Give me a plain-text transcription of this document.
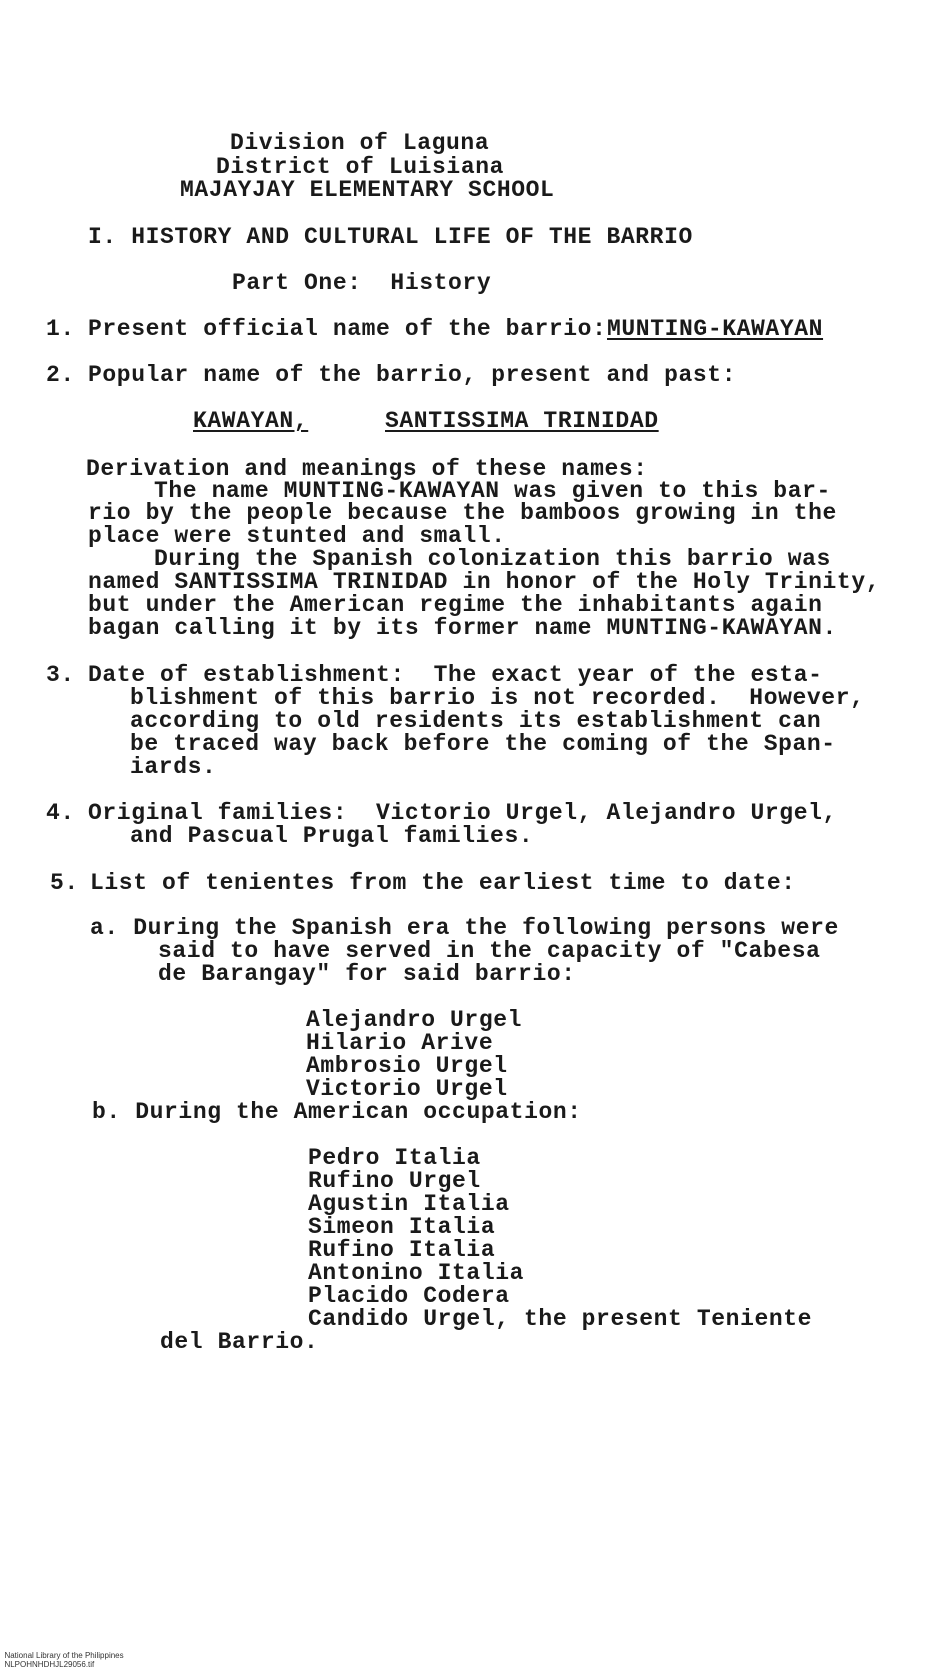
Division of Laguna
District of Luisiana
MAJAYJAY ELEMENTARY SCHOOL
I. HISTORY AND CULTURAL LIFE OF THE BARRIO
Part One:  History
1. Present official name of the barrio: MUNTING-KAWAYAN
2. Popular name of the barrio, present and past:
KAWAYAN,	SANTISSIMA TRINIDAD
Derivation and meanings of these names:
The name MUNTING-KAWAYAN was given to this bar-
rio by the people because the bamboos growing in the
place were stunted and small.
During the Spanish colonization this barrio was
named SANTISSIMA TRINIDAD in honor of the Holy Trinity,
but under the American regime the inhabitants again
bagan calling it by its former name MUNTING-KAWAYAN.
3. Date of establishment:  The exact year of the esta-
blishment of this barrio is not recorded.  However,
according to old residents its establishment can
be traced way back before the coming of the Span-
iards.
4. Original families:  Victorio Urgel, Alejandro Urgel,
and Pascual Prugal families.
5. List of tenientes from the earliest time to date:
a. During the Spanish era the following persons were
said to have served in the capacity of "Cabesa
de Barangay" for said barrio:
Alejandro Urgel
Hilario Arive
Ambrosio Urgel
Victorio Urgel
b. During the American occupation:
Pedro Italia
Rufino Urgel
Agustin Italia
Simeon Italia
Rufino Italia
Antonino Italia
Placido Codera
Candido Urgel, the present Teniente
del Barrio.

National Library of the Philippines
NLPOHNHDHJL29056.tif
